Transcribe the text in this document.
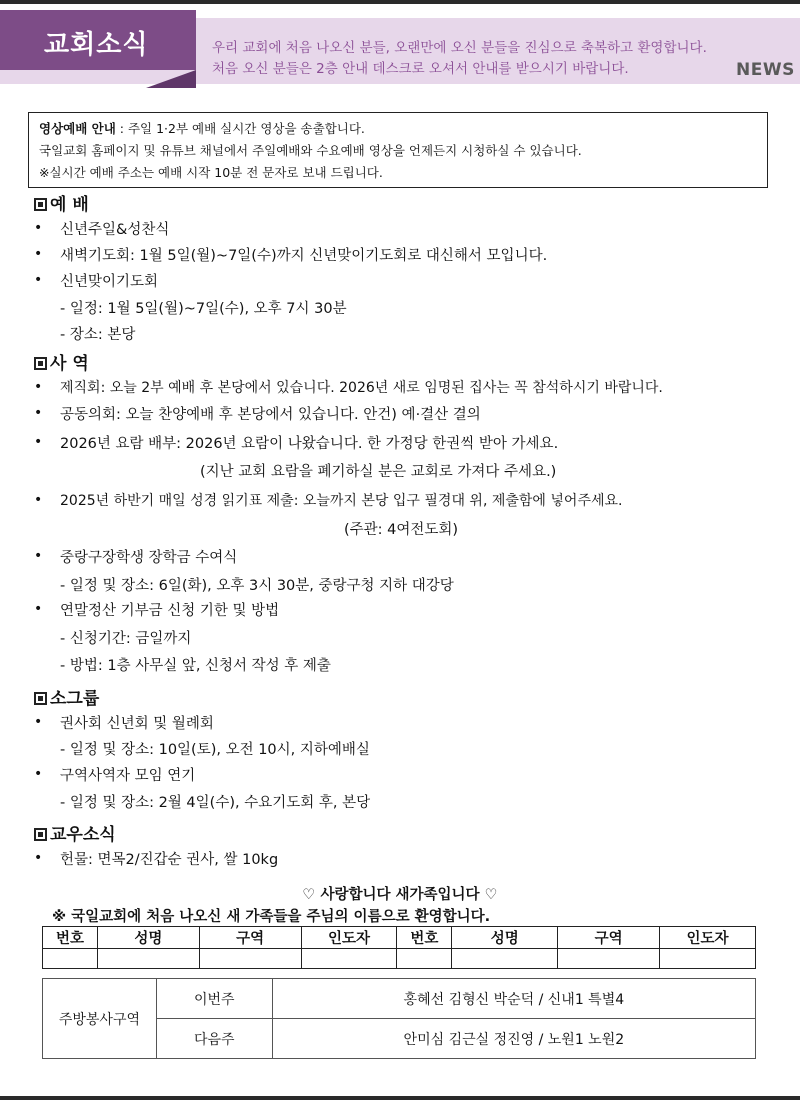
교회소식	우리 교회에 처음 나오신 분들, 오랜만에 오신 분들을 진심으로 축복하고 환영합니다.
처음 오신 분들은 2층 안내 데스크로 오셔서 안내를 받으시기 바랍니다.	NEWS
영상예배 안내 : 주일 1·2부 예배 실시간 영상을 송출합니다.
국일교회 홈페이지 및 유튜브 채널에서 주일예배와 수요예배 영상을 언제든지 시청하실 수 있습니다.
※실시간 예배 주소는 예배 시작 10분 전 문자로 보내 드립니다.
예 배
• 신년주일&성찬식
• 새벽기도회: 1월 5일(월)~7일(수)까지 신년맞이기도회로 대신해서 모입니다.
• 신년맞이기도회
- 일정: 1월 5일(월)~7일(수), 오후 7시 30분
- 장소: 본당
사 역
• 제직회: 오늘 2부 예배 후 본당에서 있습니다. 2026년 새로 임명된 집사는 꼭 참석하시기 바랍니다.
• 공동의회: 오늘 찬양예배 후 본당에서 있습니다. 안건) 예·결산 결의
• 2026년 요람 배부: 2026년 요람이 나왔습니다. 한 가정당 한권씩 받아 가세요.
(지난 교회 요람을 폐기하실 분은 교회로 가져다 주세요.)
• 2025년 하반기 매일 성경 읽기표 제출: 오늘까지 본당 입구 필경대 위, 제출함에 넣어주세요.
(주관: 4여전도회)
• 중랑구장학생 장학금 수여식
- 일정 및 장소: 6일(화), 오후 3시 30분, 중랑구청 지하 대강당
• 연말정산 기부금 신청 기한 및 방법
- 신청기간: 금일까지
- 방법: 1층 사무실 앞, 신청서 작성 후 제출
소그룹
• 권사회 신년회 및 월례회
- 일정 및 장소: 10일(토), 오전 10시, 지하예배실
• 구역사역자 모임 연기
- 일정 및 장소: 2월 4일(수), 수요기도회 후, 본당
교우소식
• 헌물: 면목2/진갑순 권사, 쌀 10kg
♡ 사랑합니다 새가족입니다 ♡
※ 국일교회에 처음 나오신 새 가족들을 주님의 이름으로 환영합니다.
번호	성명	구역	인도자	번호	성명	구역	인도자

주방봉사구역	이번주	홍혜선 김형신 박순덕 / 신내1 특별4
	다음주	안미심 김근실 정진영 / 노원1 노원2
